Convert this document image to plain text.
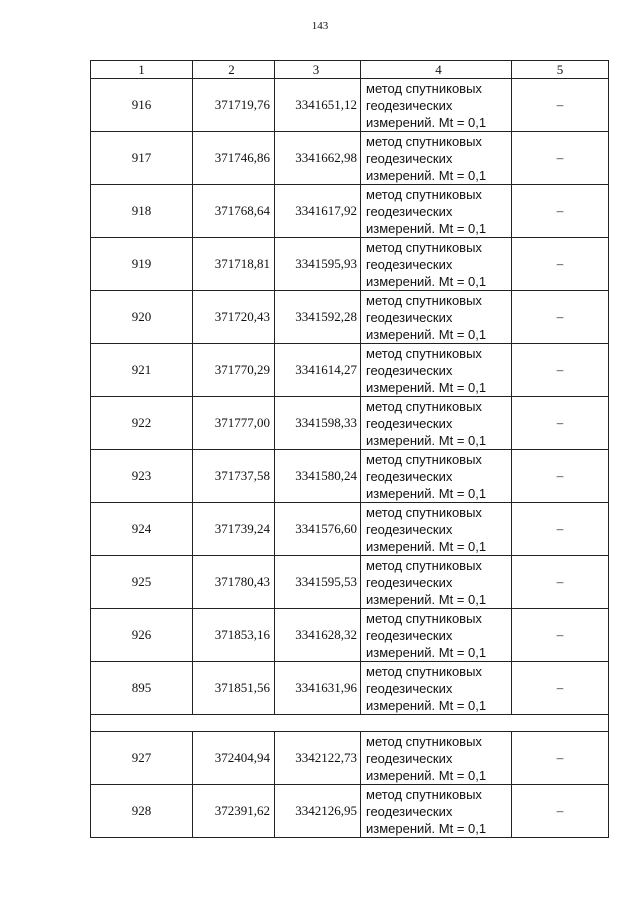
143
1	2	3	4	5
916	371719,76	3341651,12	метод спутниковых
геодезических
измерений. Mt = 0,1	–
917	371746,86	3341662,98	метод спутниковых
геодезических
измерений. Mt = 0,1	–
918	371768,64	3341617,92	метод спутниковых
геодезических
измерений. Mt = 0,1	–
919	371718,81	3341595,93	метод спутниковых
геодезических
измерений. Mt = 0,1	–
920	371720,43	3341592,28	метод спутниковых
геодезических
измерений. Mt = 0,1	–
921	371770,29	3341614,27	метод спутниковых
геодезических
измерений. Mt = 0,1	–
922	371777,00	3341598,33	метод спутниковых
геодезических
измерений. Mt = 0,1	–
923	371737,58	3341580,24	метод спутниковых
геодезических
измерений. Mt = 0,1	–
924	371739,24	3341576,60	метод спутниковых
геодезических
измерений. Mt = 0,1	–
925	371780,43	3341595,53	метод спутниковых
геодезических
измерений. Mt = 0,1	–
926	371853,16	3341628,32	метод спутниковых
геодезических
измерений. Mt = 0,1	–
895	371851,56	3341631,96	метод спутниковых
геодезических
измерений. Mt = 0,1	–

927	372404,94	3342122,73	метод спутниковых
геодезических
измерений. Mt = 0,1	–
928	372391,62	3342126,95	метод спутниковых
геодезических
измерений. Mt = 0,1	–
